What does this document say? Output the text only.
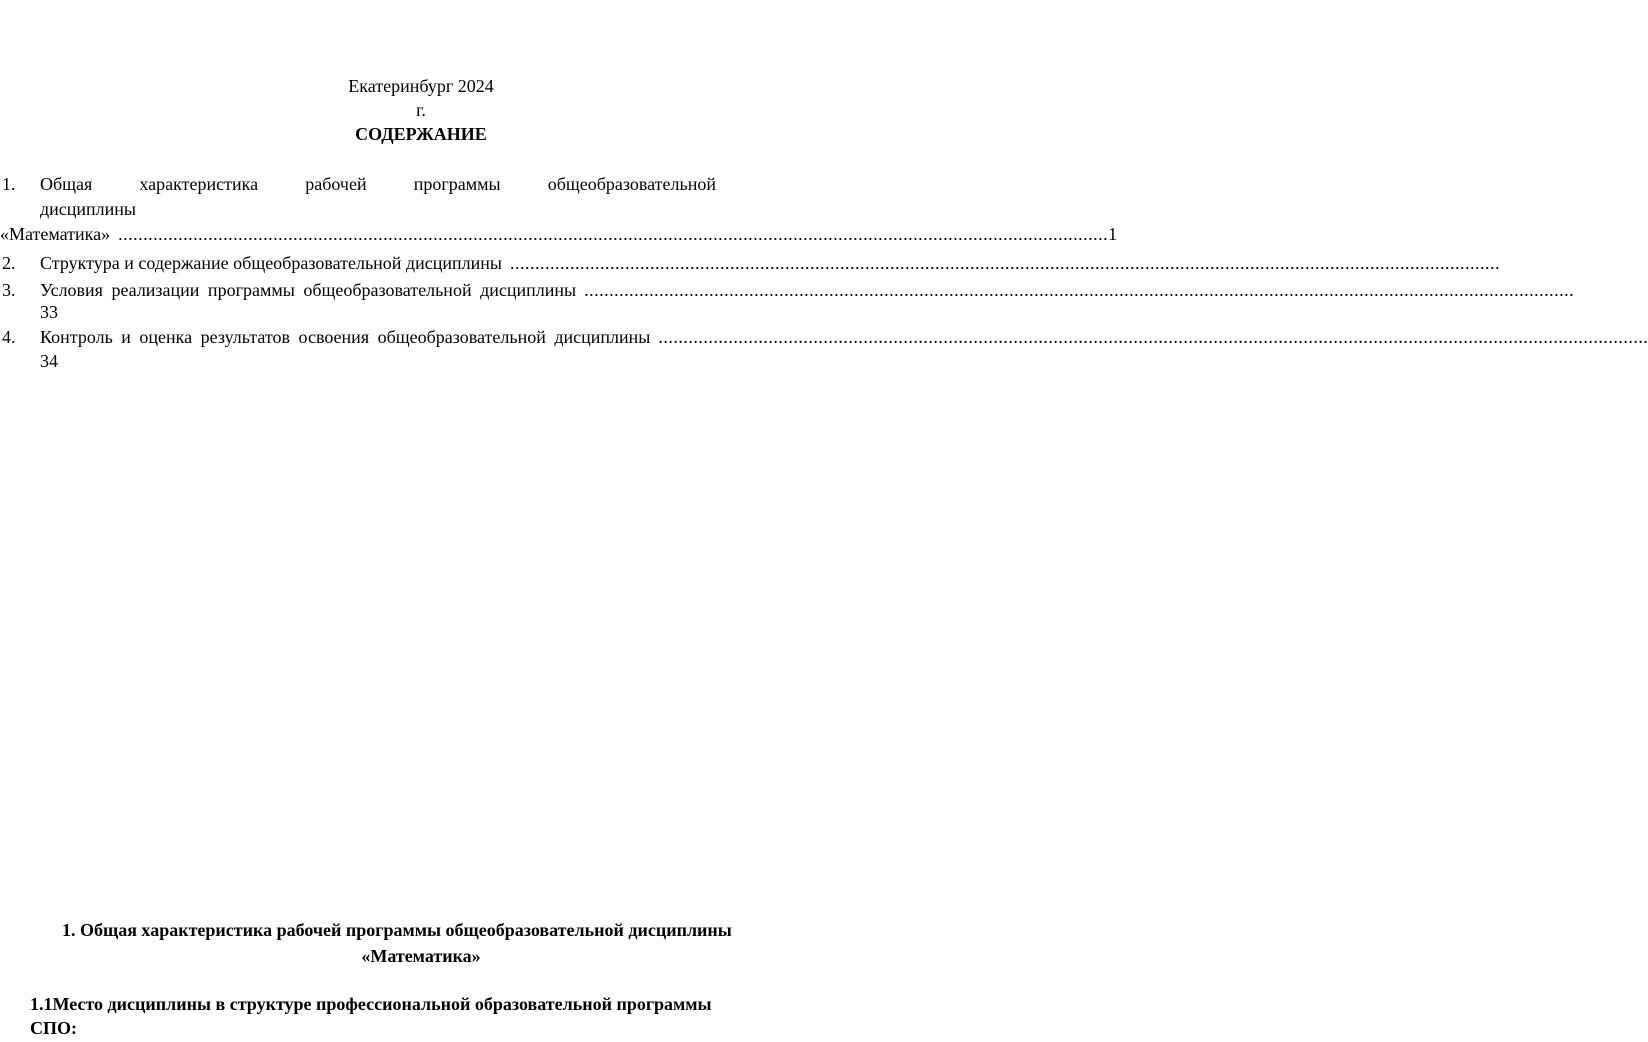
Екатеринбург 2024
г.
СОДЕРЖАНИЕ
1. Общая	характеристика	рабочей	программы	общеобразовательной
дисциплины
«Математика» ...................................................................................................................................................................................................... 1
2. Структура и содержание общеобразовательной дисциплины ......................................................................................................................................................................................................
3. Условия реализации программы общеобразовательной дисциплины ......................................................................................................................................................................................................
33
4. Контроль и оценка результатов освоения общеобразовательной дисциплины ......................................................................................................................................................................................................
34
1. Общая характеристика рабочей программы общеобразовательной дисциплины
«Математика»
1.1Место дисциплины в структуре профессиональной образовательной программы
СПО:
